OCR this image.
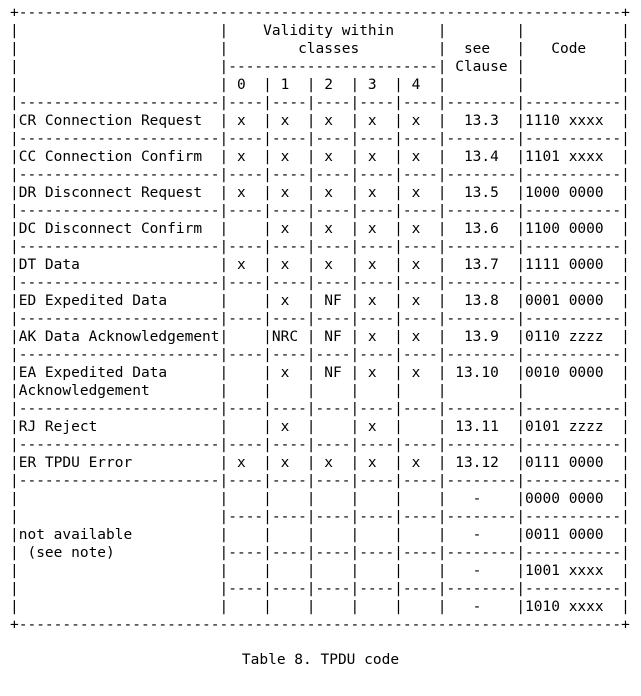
+---------------------------------------------------------------------+
|                       |    Validity within     |        |           |
|                       |        classes         |  see   |   Code    |
|                       |------------------------| Clause |           |
|                       | 0  | 1  | 2  | 3  | 4  |        |           |
|-----------------------|----|----|----|----|----|--------|-----------|
|CR Connection Request  | x  | x  | x  | x  | x  |  13.3  |1110 xxxx  |
|-----------------------|----|----|----|----|----|--------|-----------|
|CC Connection Confirm  | x  | x  | x  | x  | x  |  13.4  |1101 xxxx  |
|-----------------------|----|----|----|----|----|--------|-----------|
|DR Disconnect Request  | x  | x  | x  | x  | x  |  13.5  |1000 0000  |
|-----------------------|----|----|----|----|----|--------|-----------|
|DC Disconnect Confirm  |    | x  | x  | x  | x  |  13.6  |1100 0000  |
|-----------------------|----|----|----|----|----|--------|-----------|
|DT Data                | x  | x  | x  | x  | x  |  13.7  |1111 0000  |
|-----------------------|----|----|----|----|----|--------|-----------|
|ED Expedited Data      |    | x  | NF | x  | x  |  13.8  |0001 0000  |
|-----------------------|----|----|----|----|----|--------|-----------|
|AK Data Acknowledgement|    |NRC | NF | x  | x  |  13.9  |0110 zzzz  |
|-----------------------|----|----|----|----|----|--------|-----------|
|EA Expedited Data      |    | x  | NF | x  | x  | 13.10  |0010 0000  |
|Acknowledgement        |    |    |    |    |    |        |           |
|-----------------------|----|----|----|----|----|--------|-----------|
|RJ Reject              |    | x  |    | x  |    | 13.11  |0101 zzzz  |
|-----------------------|----|----|----|----|----|--------|-----------|
|ER TPDU Error          | x  | x  | x  | x  | x  | 13.12  |0111 0000  |
|-----------------------|----|----|----|----|----|--------|-----------|
|                       |    |    |    |    |    |   -    |0000 0000  |
|                       |----|----|----|----|----|--------|-----------|
|not available          |    |    |    |    |    |   -    |0011 0000  |
| (see note)            |----|----|----|----|----|--------|-----------|
|                       |    |    |    |    |    |   -    |1001 xxxx  |
|                       |----|----|----|----|----|--------|-----------|
|                       |    |    |    |    |    |   -    |1010 xxxx  |
+---------------------------------------------------------------------+

Table 8. TPDU code
